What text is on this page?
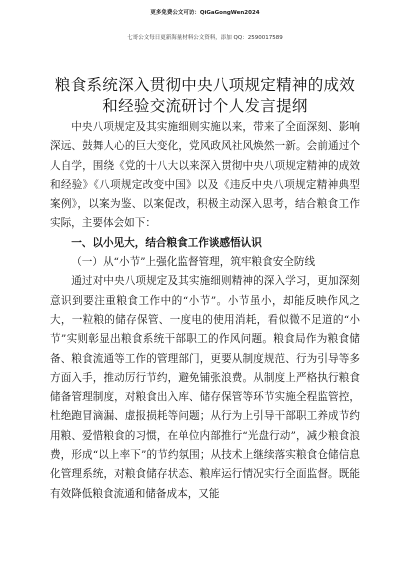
更多免费公文可访：QiGaGongWen2024
七哥公文每日更新海量材料公文资料，添加 QQ：2590017589
粮食系统深入贯彻中央八项规定精神的成效和经验交流研讨个人发言提纲

中央八项规定及其实施细则实施以来，带来了全面深刻、影响深远、鼓舞人心的巨大变化，党风政风社风焕然一新。会前通过个人自学，围绕《党的十八大以来深入贯彻中央八项规定精神的成效和经验》《八项规定改变中国》以及《违反中央八项规定精神典型案例》，以案为鉴、以案促改，积极主动深入思考，结合粮食工作实际，主要体会如下：

一、以小见大，结合粮食工作谈感悟认识

（一）从“小节”上强化监督管理，筑牢粮食安全防线

通过对中央八项规定及其实施细则精神的深入学习，更加深刻意识到要注重粮食工作中的“小节”。小节虽小，却能反映作风之大，一粒粮的储存保管、一度电的使用消耗，看似微不足道的“小节”实则彰显出粮食系统干部职工的作风问题。粮食局作为粮食储备、粮食流通等工作的管理部门，更要从制度规范、行为引导等多方面入手，推动厉行节约，避免铺张浪费。从制度上严格执行粮食储备管理制度，对粮食出入库、储存保管等环节实施全程监管控，杜绝跑冒滴漏、虚报损耗等问题；从行为上引导干部职工养成节约用粮、爱惜粮食的习惯，在单位内部推行“光盘行动”，减少粮食浪费，形成“以上率下”的节约氛围；从技术上继续落实粮食仓储信息化管理系统，对粮食储存状态、粮库运行情况实行全面监督。既能有效降低粮食流通和储备成本，又能
